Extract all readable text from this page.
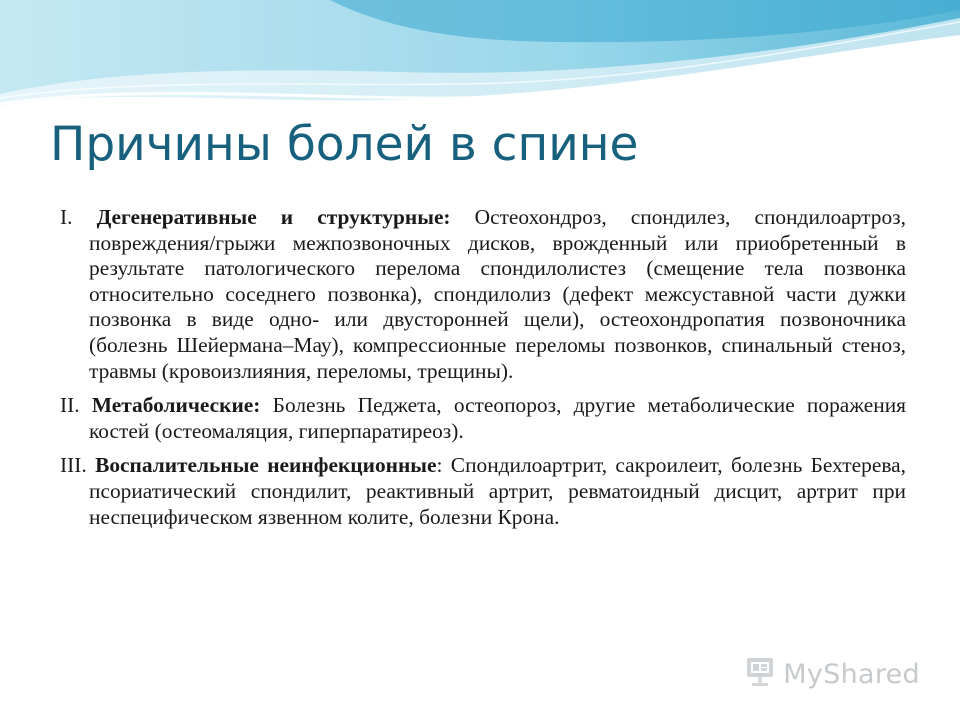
Причины болей в спине

I. Дегенеративные и структурные: Остеохондроз, спондилез, спондилоартроз, повреждения/грыжи межпозвоночных дисков, врожденный или приобретенный в результате патологического перелома спондилолистез (смещение тела позвонка относительно соседнего позвонка), спондилолиз (дефект межсуставной части дужки позвонка в виде одно- или двусторонней щели), остеохондропатия позвоночника (болезнь Шейермана–Мау), компрессионные переломы позвонков, спинальный стеноз, травмы (кровоизлияния, переломы, трещины).

II. Метаболические: Болезнь Педжета, остеопороз, другие метаболические поражения костей (остеомаляция, гиперпаратиреоз).

III. Воспалительные неинфекционные: Спондилоартрит, сакроилеит, болезнь Бехтерева, псориатический спондилит, реактивный артрит, ревматоидный дисцит, артрит при неспецифическом язвенном колите, болезни Крона.

MyShared
